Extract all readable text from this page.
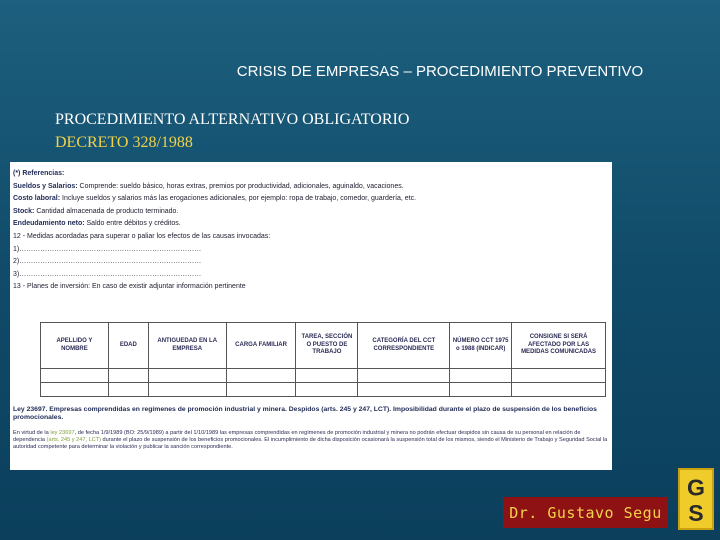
CRISIS DE EMPRESAS – PROCEDIMIENTO PREVENTIVO
PROCEDIMIENTO ALTERNATIVO OBLIGATORIO
DECRETO 328/1988
(*) Referencias:
Sueldos y Salarios: Comprende: sueldo básico, horas extras, premios por productividad, adicionales, aguinaldo, vacaciones.
Costo laboral: Incluye sueldos y salarios más las erogaciones adicionales, por ejemplo: ropa de trabajo, comedor, guardería, etc.
Stock: Cantidad almacenada de producto terminado.
Endeudamiento neto: Saldo entre débitos y créditos.
12 - Medidas acordadas para superar o paliar los efectos de las causas invocadas:
1)……………………………………………………………………
2)……………………………………………………………………
3)……………………………………………………………………
13 - Planes de inversión: En caso de existir adjuntar información pertinente
APELLIDO Y NOMBRE	EDAD	ANTIGUEDAD EN LA EMPRESA	CARGA FAMILIAR	TAREA, SECCIÓN O PUESTO DE TRABAJO	CATEGORÍA DEL CCT CORRESPONDIENTE	NÚMERO CCT 1975 o 1988 (INDICAR)	CONSIGNE SI SERÁ AFECTADO POR LAS MEDIDAS COMUNICADAS

Ley 23697. Empresas comprendidas en regímenes de promoción industrial y minera. Despidos (arts. 245 y 247, LCT). Imposibilidad durante el plazo de suspensión de los beneficios promocionales.
En virtud de la ley 23697, de fecha 1/9/1989 (BO: 25/9/1989) a partir del 1/10/1989 las empresas comprendidas en regímenes de promoción industrial y minera no podrán efectuar despidos sin causa de su personal en relación de dependencia (arts. 245 y 247, LCT) durante el plazo de suspensión de los beneficios promocionales. El incumplimiento de dicha disposición ocasionará la suspensión total de los mismos, siendo el Ministerio de Trabajo y Seguridad Social la autoridad competente para determinar la violación y publicar la sanción correspondiente.
Dr. Gustavo Segu
G
S
